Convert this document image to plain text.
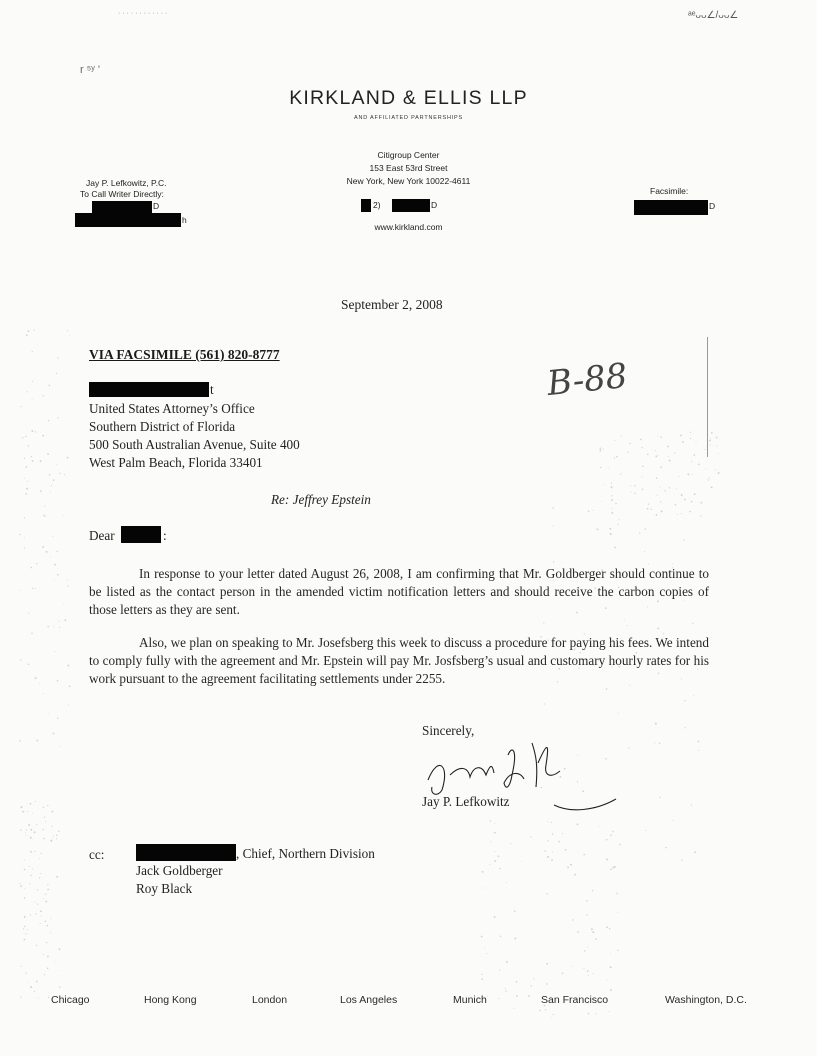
· · · · · · · · · · · ·	ᵃᵉᴗᴗ∠/ᴗᴗ∠
r ⁵ʸ '
KIRKLAND & ELLIS LLP
AND AFFILIATED PARTNERSHIPS
Citigroup Center
153 East 53rd Street
New York, New York 10022-4611
2)	D
www.kirkland.com
Jay P. Lefkowitz, P.C.
To Call Writer Directly:
D
h
Facsimile:
D
September 2, 2008
VIA FACSIMILE (561) 820-8777
B-88
t
United States Attorney’s Office
Southern District of Florida
500 South Australian Avenue, Suite 400
West Palm Beach, Florida 33401
Re: Jeffrey Epstein
Dear	:
In response to your letter dated August 26, 2008, I am confirming that Mr. Goldberger should continue to be listed as the contact person in the amended victim notification letters and should receive the carbon copies of those letters as they are sent.
Also, we plan on speaking to Mr. Josefsberg this week to discuss a procedure for paying his fees. We intend to comply fully with the agreement and Mr. Epstein will pay Mr. Josfsberg’s usual and customary hourly rates for his work pursuant to the agreement facilitating settlements under 2255.
Sincerely,
Jay P. Lefkowitz
cc:	, Chief, Northern Division
Jack Goldberger
Roy Black
Chicago	Hong Kong	London	Los Angeles	Munich	San Francisco	Washington, D.C.
